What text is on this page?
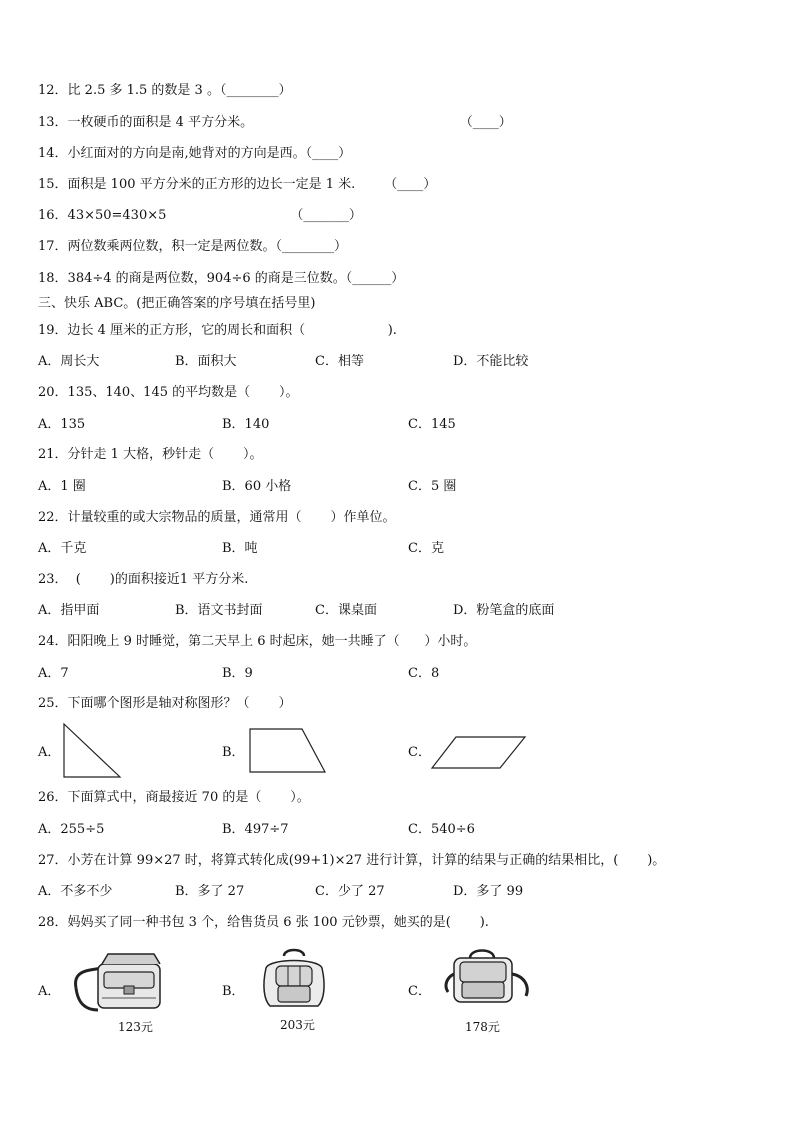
12．比 2.5 多 1.5 的数是 3 。（________）
13．一枚硬币的面积是 4 平方分米。                                                  （____）
14．小红面对的方向是南,她背对的方向是西。（____）
15．面积是 100 平方分米的正方形的边长一定是 1 米.       （____）
16．43×50=430×5                              （_______）
17．两位数乘两位数，积一定是两位数。（________）
18．384÷4 的商是两位数，904÷6 的商是三位数。（______）
三、快乐 ABC。(把正确答案的序号填在括号里)
19．边长 4 厘米的正方形，它的周长和面积（                    ).
A．周长大	B．面积大	C．相等	D．不能比较
20．135、140、145 的平均数是（       ）。
A．135	B．140	C．145
21．分针走 1 大格，秒针走（       ）。
A．1 圈	B．60 小格	C．5 圈
22．计量较重的或大宗物品的质量，通常用（       ）作单位。
A．千克	B．吨	C．克
23．  (       )的面积接近1 平方分米.
A．指甲面	B．语文书封面	C．课桌面	D．粉笔盒的底面
24．阳阳晚上 9 时睡觉，第二天早上 6 时起床，她一共睡了（      ）小时。
A．7	B．9	C．8
25．下面哪个图形是轴对称图形？（       ）
A．	B．	C．
26．下面算式中，商最接近 70 的是（       ）。
A．255÷5	B．497÷7	C．540÷6
27．小芳在计算 99×27 时，将算式转化成(99+1)×27 进行计算，计算的结果与正确的结果相比，(       )。
A．不多不少	B．多了 27	C．少了 27	D．多了 99
28．妈妈买了同一种书包 3 个，给售货员 6 张 100 元钞票，她买的是(       ).
A．
123元
B．
203元
C．
178元
